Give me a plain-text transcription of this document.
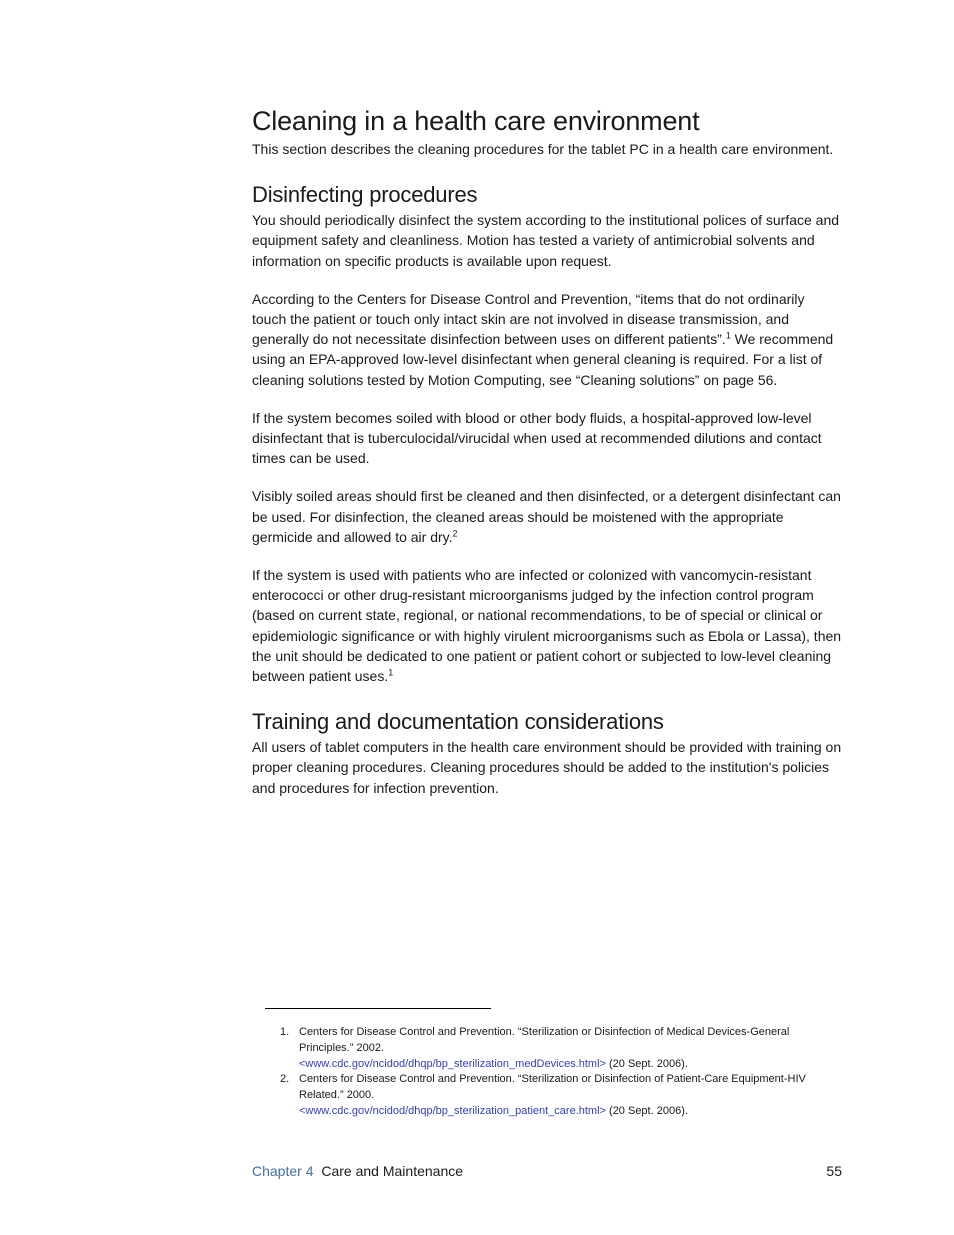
Cleaning in a health care environment

This section describes the cleaning procedures for the tablet PC in a health care environment.

Disinfecting procedures

You should periodically disinfect the system according to the institutional polices of surface and equipment safety and cleanliness. Motion has tested a variety of antimicrobial solvents and information on specific products is available upon request.

According to the Centers for Disease Control and Prevention, “items that do not ordinarily touch the patient or touch only intact skin are not involved in disease transmission, and generally do not necessitate disinfection between uses on different patients”.$^1$ We recommend using an EPA-approved low-level disinfectant when general cleaning is required. For a list of cleaning solutions tested by Motion Computing, see “Cleaning solutions” on page 56.

If the system becomes soiled with blood or other body fluids, a hospital-approved low-level disinfectant that is tuberculocidal/virucidal when used at recommended dilutions and contact times can be used.

Visibly soiled areas should first be cleaned and then disinfected, or a detergent disinfectant can be used. For disinfection, the cleaned areas should be moistened with the appropriate germicide and allowed to air dry.$^2$

If the system is used with patients who are infected or colonized with vancomycin-resistant enterococci or other drug-resistant microorganisms judged by the infection control program (based on current state, regional, or national recommendations, to be of special or clinical or epidemiologic significance or with highly virulent microorganisms such as Ebola or Lassa), then the unit should be dedicated to one patient or patient cohort or subjected to low-level cleaning between patient uses.$^1$

Training and documentation considerations

All users of tablet computers in the health care environment should be provided with training on proper cleaning procedures. Cleaning procedures should be added to the institution's policies and procedures for infection prevention.

1. Centers for Disease Control and Prevention. “Sterilization or Disinfection of Medical Devices-General Principles.” 2002.
<www.cdc.gov/ncidod/dhqp/bp_sterilization_medDevices.html> (20 Sept. 2006).
2. Centers for Disease Control and Prevention. “Sterilization or Disinfection of Patient-Care Equipment-HIV Related.” 2000.
<www.cdc.gov/ncidod/dhqp/bp_sterilization_patient_care.html> (20 Sept. 2006).
Chapter 4 Care and Maintenance	55
